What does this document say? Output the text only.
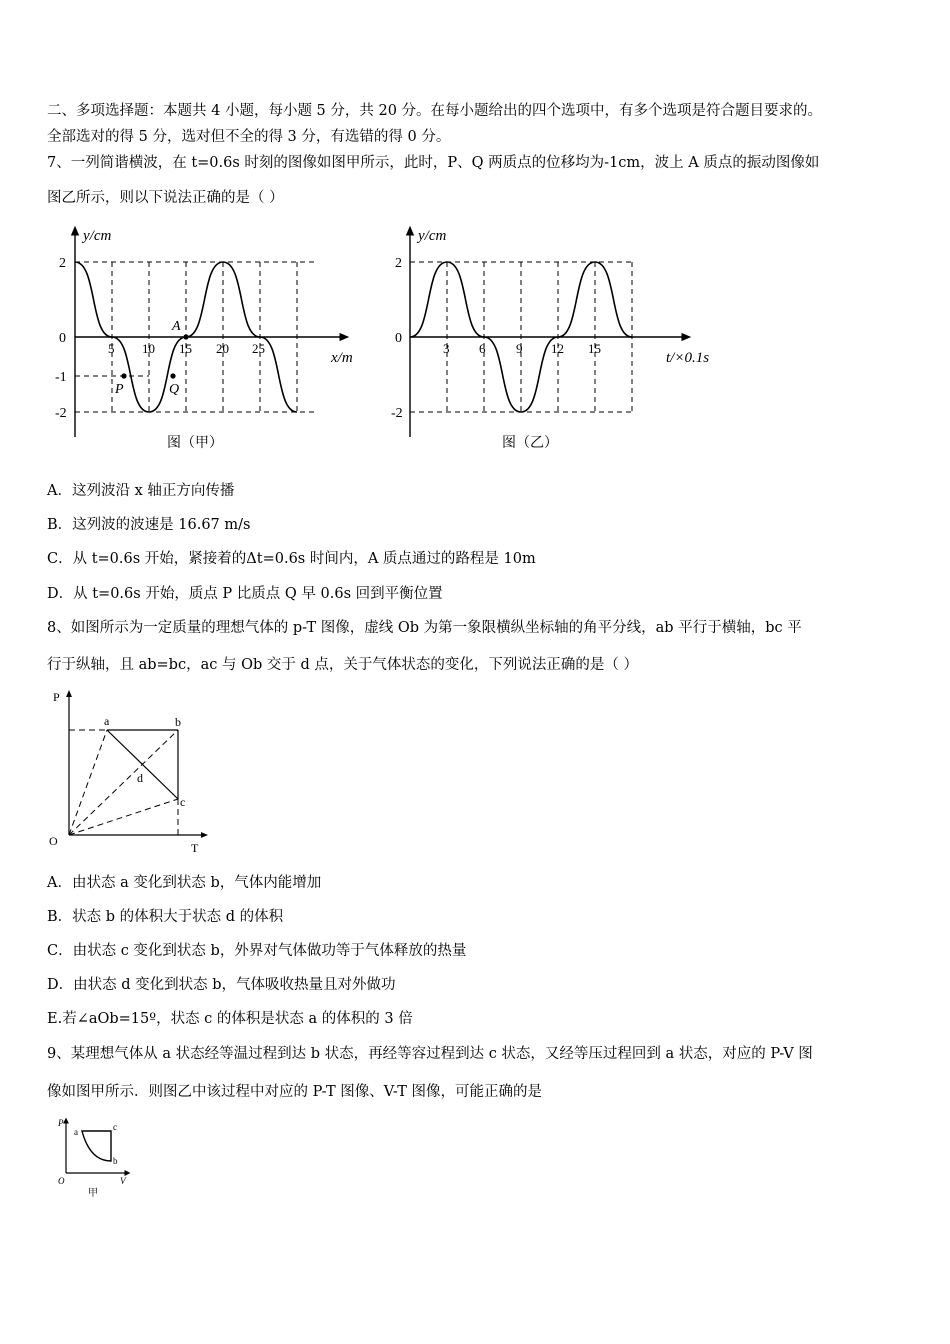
二、多项选择题：本题共 4 小题，每小题 5 分，共 20 分。在每小题给出的四个选项中，有多个选项是符合题目要求的。
全部选对的得 5 分，选对但不全的得 3 分，有选错的得 0 分。
7、一列简谐横波，在 t=0.6s 时刻的图像如图甲所示，此时，P、Q 两质点的位移均为-1cm，波上 A 质点的振动图像如
图乙所示，则以下说法正确的是（ ）
y/cm
x/m
2
0
-1
-2
5 10 15 20 25
A
P	Q
图（甲）
y/cm
t/×0.1s
2
0
-2
3 6 9 12 15
图（乙）
A．这列波沿 x 轴正方向传播
B．这列波的波速是 16.67 m/s
C．从 t=0.6s 开始，紧接着的Δt=0.6s 时间内，A 质点通过的路程是 10m
D．从 t=0.6s 开始，质点 P 比质点 Q 早 0.6s 回到平衡位置
8、如图所示为一定质量的理想气体的 p-T 图像，虚线 Ob 为第一象限横纵坐标轴的角平分线，ab 平行于横轴，bc 平
行于纵轴，且 ab=bc，ac 与 Ob 交于 d 点，关于气体状态的变化，下列说法正确的是（ ）
P
T
O
a	b
c
d
A．由状态 a 变化到状态 b，气体内能增加
B．状态 b 的体积大于状态 d 的体积
C．由状态 c 变化到状态 b，外界对气体做功等于气体释放的热量
D．由状态 d 变化到状态 b，气体吸收热量且对外做功
E.若∠aOb=15º，状态 c 的体积是状态 a 的体积的 3 倍
9、某理想气体从 a 状态经等温过程到达 b 状态，再经等容过程到达 c 状态，又经等压过程回到 a 状态，对应的 P-V 图
像如图甲所示．则图乙中该过程中对应的 P-T 图像、V-T 图像，可能正确的是
P
V
O
a	c
b
甲
